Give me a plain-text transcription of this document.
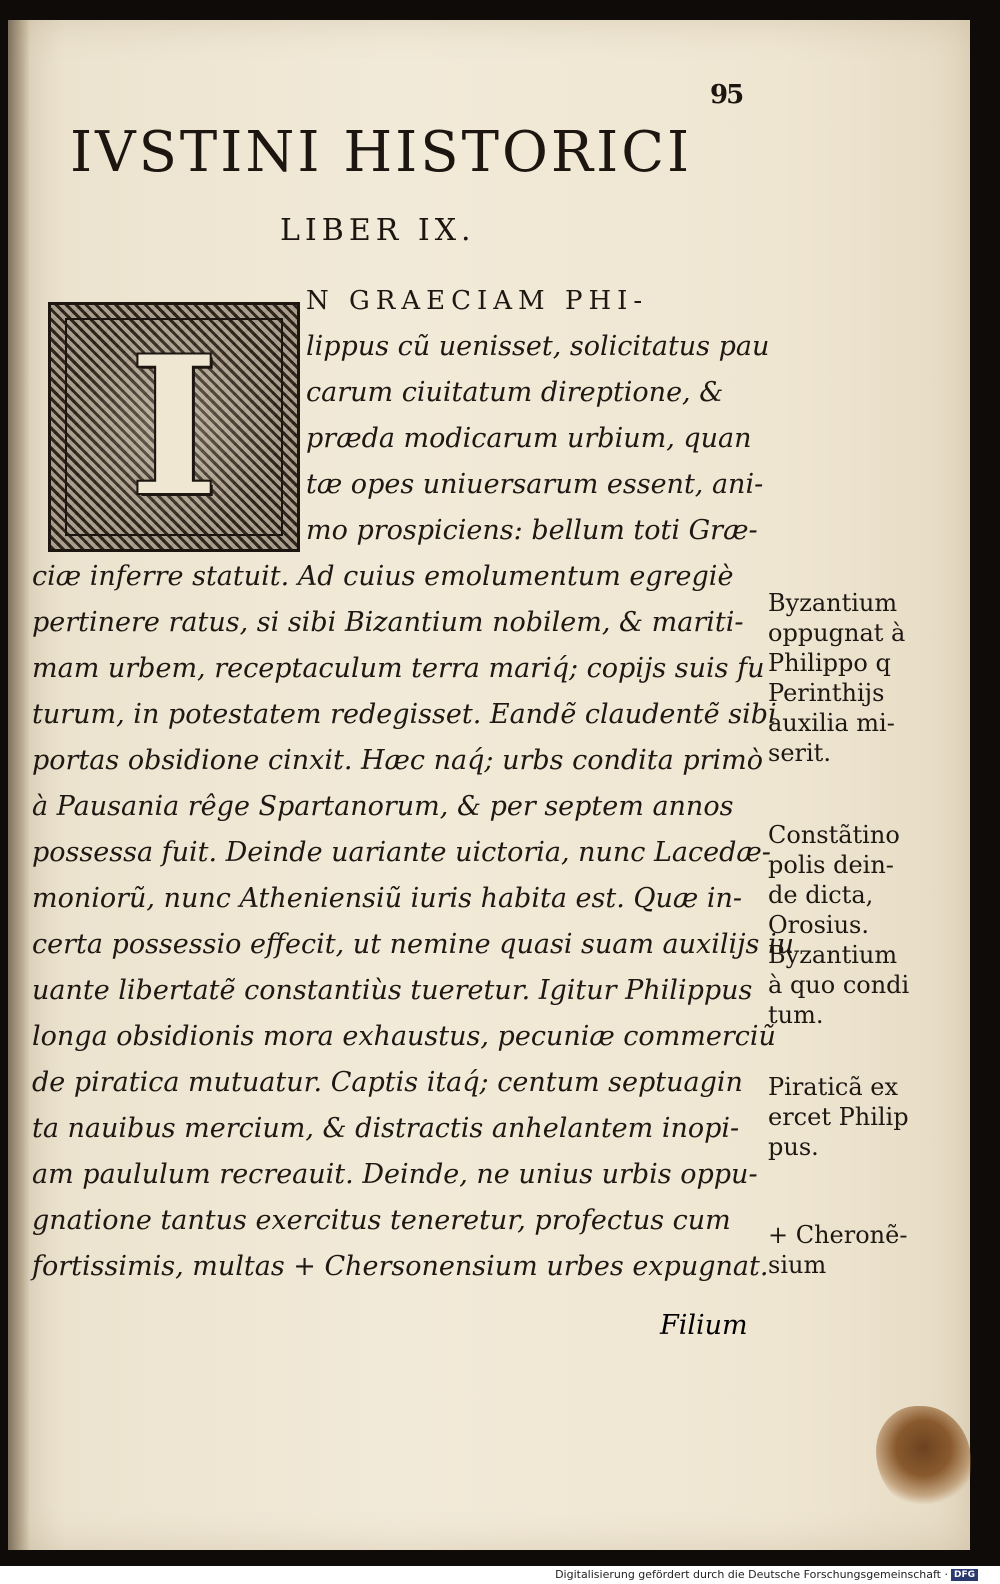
95
IVSTINI HISTORICI
LIBER IX.
I
N GRAECIAM PHI-
lippus cũ uenisset, solicitatus pau
carum ciuitatum direptione, &
præda modicarum urbium, quan
tæ opes uniuersarum essent, ani-
mo prospiciens: bellum toti Græ-
ciæ inferre statuit. Ad cuius emolumentum egregiè
pertinere ratus, si sibi Bizantium nobilem, & mariti-
mam urbem, receptaculum terra mariq́; copijs suis fu
turum, in potestatem redegisset. Eandẽ claudentẽ sibi
portas obsidione cinxit. Hæc naq́; urbs condita primò
à Pausania rêge Spartanorum, & per septem annos
possessa fuit. Deinde uariante uictoria, nunc Lacedæ-
moniorũ, nunc Atheniensiũ iuris habita est. Quæ in-
certa possessio effecit, ut nemine quasi suam auxilijs iu
uante libertatẽ constantiùs tueretur. Igitur Philippus
longa obsidionis mora exhaustus, pecuniæ commerciũ
de piratica mutuatur. Captis itaq́; centum septuagin
ta nauibus mercium, & distractis anhelantem inopi-
am paululum recreauit. Deinde, ne unius urbis oppu-
gnatione tantus exercitus teneretur, profectus cum
fortissimis, multas + Chersonensium urbes expugnat.
Filium
Byzantium
oppugnat à
Philippo q
Perinthijs
auxilia mi-
serit.
Constãtino
polis dein-
de dicta,
Orosius.
Byzantium
à quo condi
tum.
Piraticã ex
ercet Philip
pus.
+ Cheronẽ-
sium
Digitalisierung gefördert durch die Deutsche Forschungsgemeinschaft · DFG
